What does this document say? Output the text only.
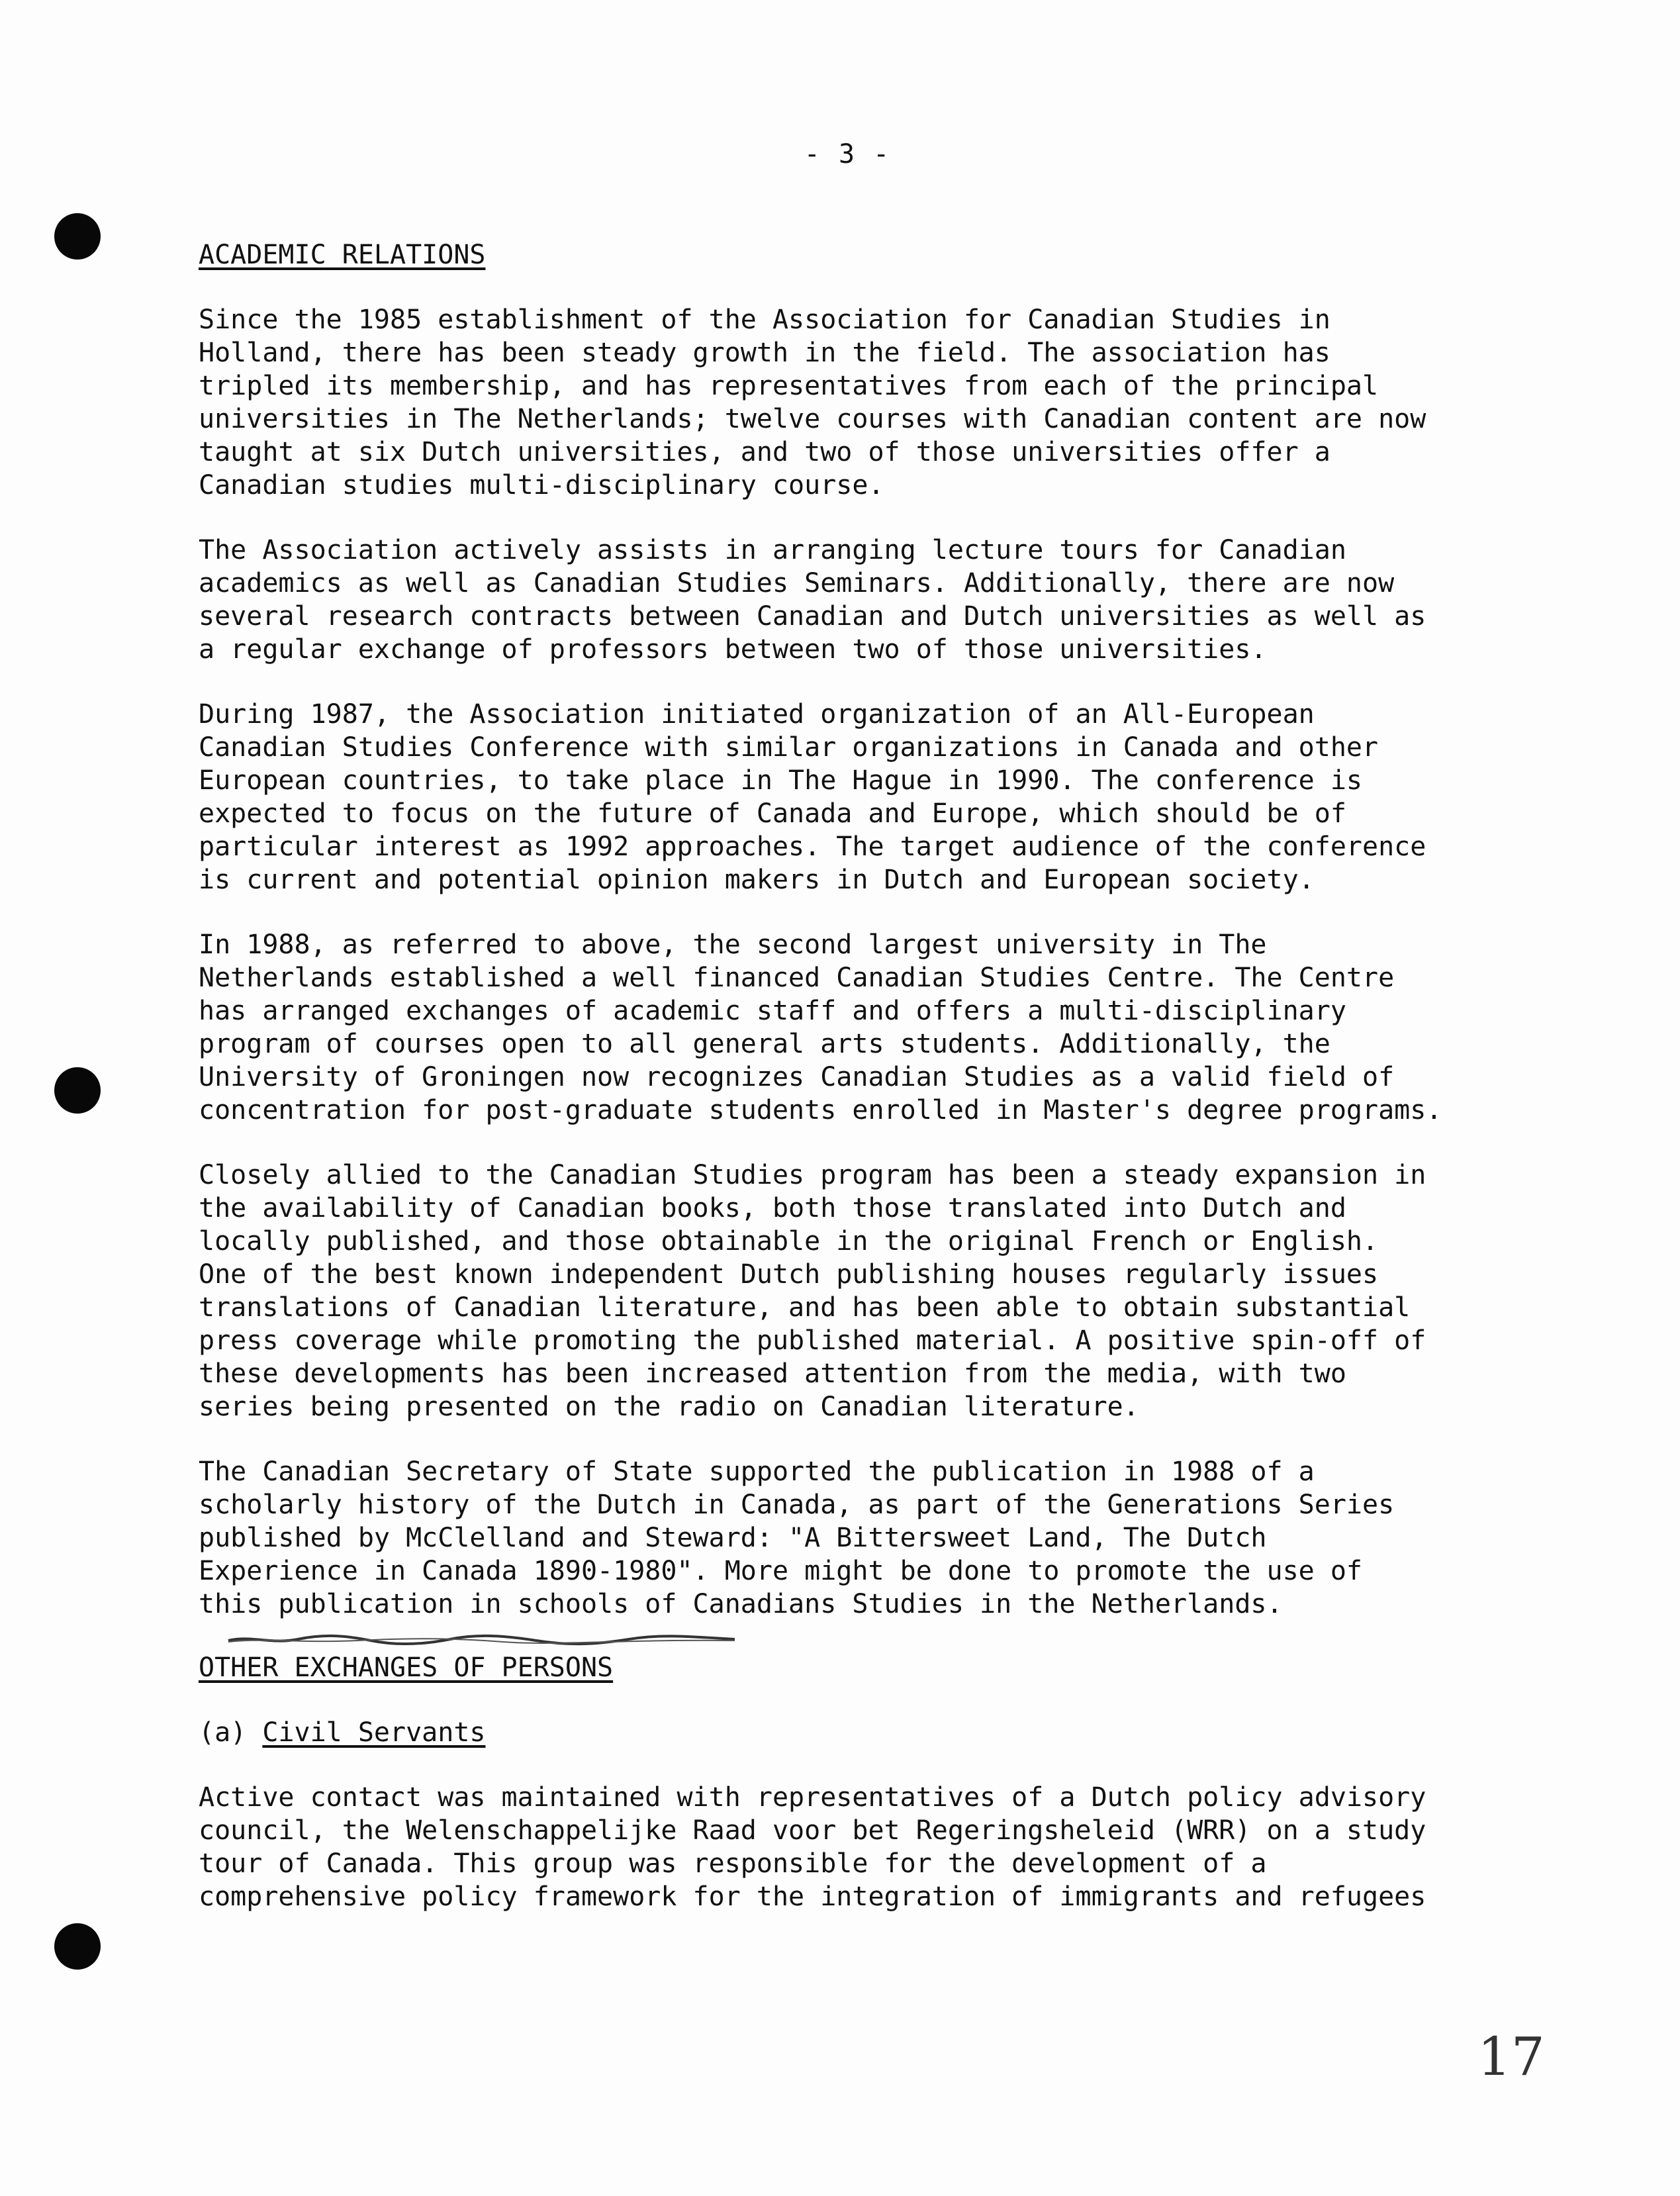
- 3 -
ACADEMIC RELATIONS

Since the 1985 establishment of the Association for Canadian Studies in
Holland, there has been steady growth in the field. The association has
tripled its membership, and has representatives from each of the principal
universities in The Netherlands; twelve courses with Canadian content are now
taught at six Dutch universities, and two of those universities offer a
Canadian studies multi-disciplinary course.

The Association actively assists in arranging lecture tours for Canadian
academics as well as Canadian Studies Seminars. Additionally, there are now
several research contracts between Canadian and Dutch universities as well as
a regular exchange of professors between two of those universities.

During 1987, the Association initiated organization of an All-European
Canadian Studies Conference with similar organizations in Canada and other
European countries, to take place in The Hague in 1990. The conference is
expected to focus on the future of Canada and Europe, which should be of
particular interest as 1992 approaches. The target audience of the conference
is current and potential opinion makers in Dutch and European society.

In 1988, as referred to above, the second largest university in The
Netherlands established a well financed Canadian Studies Centre. The Centre
has arranged exchanges of academic staff and offers a multi-disciplinary
program of courses open to all general arts students. Additionally, the
University of Groningen now recognizes Canadian Studies as a valid field of
concentration for post-graduate students enrolled in Master's degree programs.

Closely allied to the Canadian Studies program has been a steady expansion in
the availability of Canadian books, both those translated into Dutch and
locally published, and those obtainable in the original French or English.
One of the best known independent Dutch publishing houses regularly issues
translations of Canadian literature, and has been able to obtain substantial
press coverage while promoting the published material. A positive spin-off of
these developments has been increased attention from the media, with two
series being presented on the radio on Canadian literature.

The Canadian Secretary of State supported the publication in 1988 of a
scholarly history of the Dutch in Canada, as part of the Generations Series
published by McClelland and Steward: "A Bittersweet Land, The Dutch
Experience in Canada 1890-1980". More might be done to promote the use of
this publication in schools of Canadians Studies in the Netherlands.

OTHER EXCHANGES OF PERSONS
(a) Civil Servants

Active contact was maintained with representatives of a Dutch policy advisory
council, the Welenschappelijke Raad voor bet Regeringsheleid (WRR) on a study
tour of Canada. This group was responsible for the development of a
comprehensive policy framework for the integration of immigrants and refugees

17
